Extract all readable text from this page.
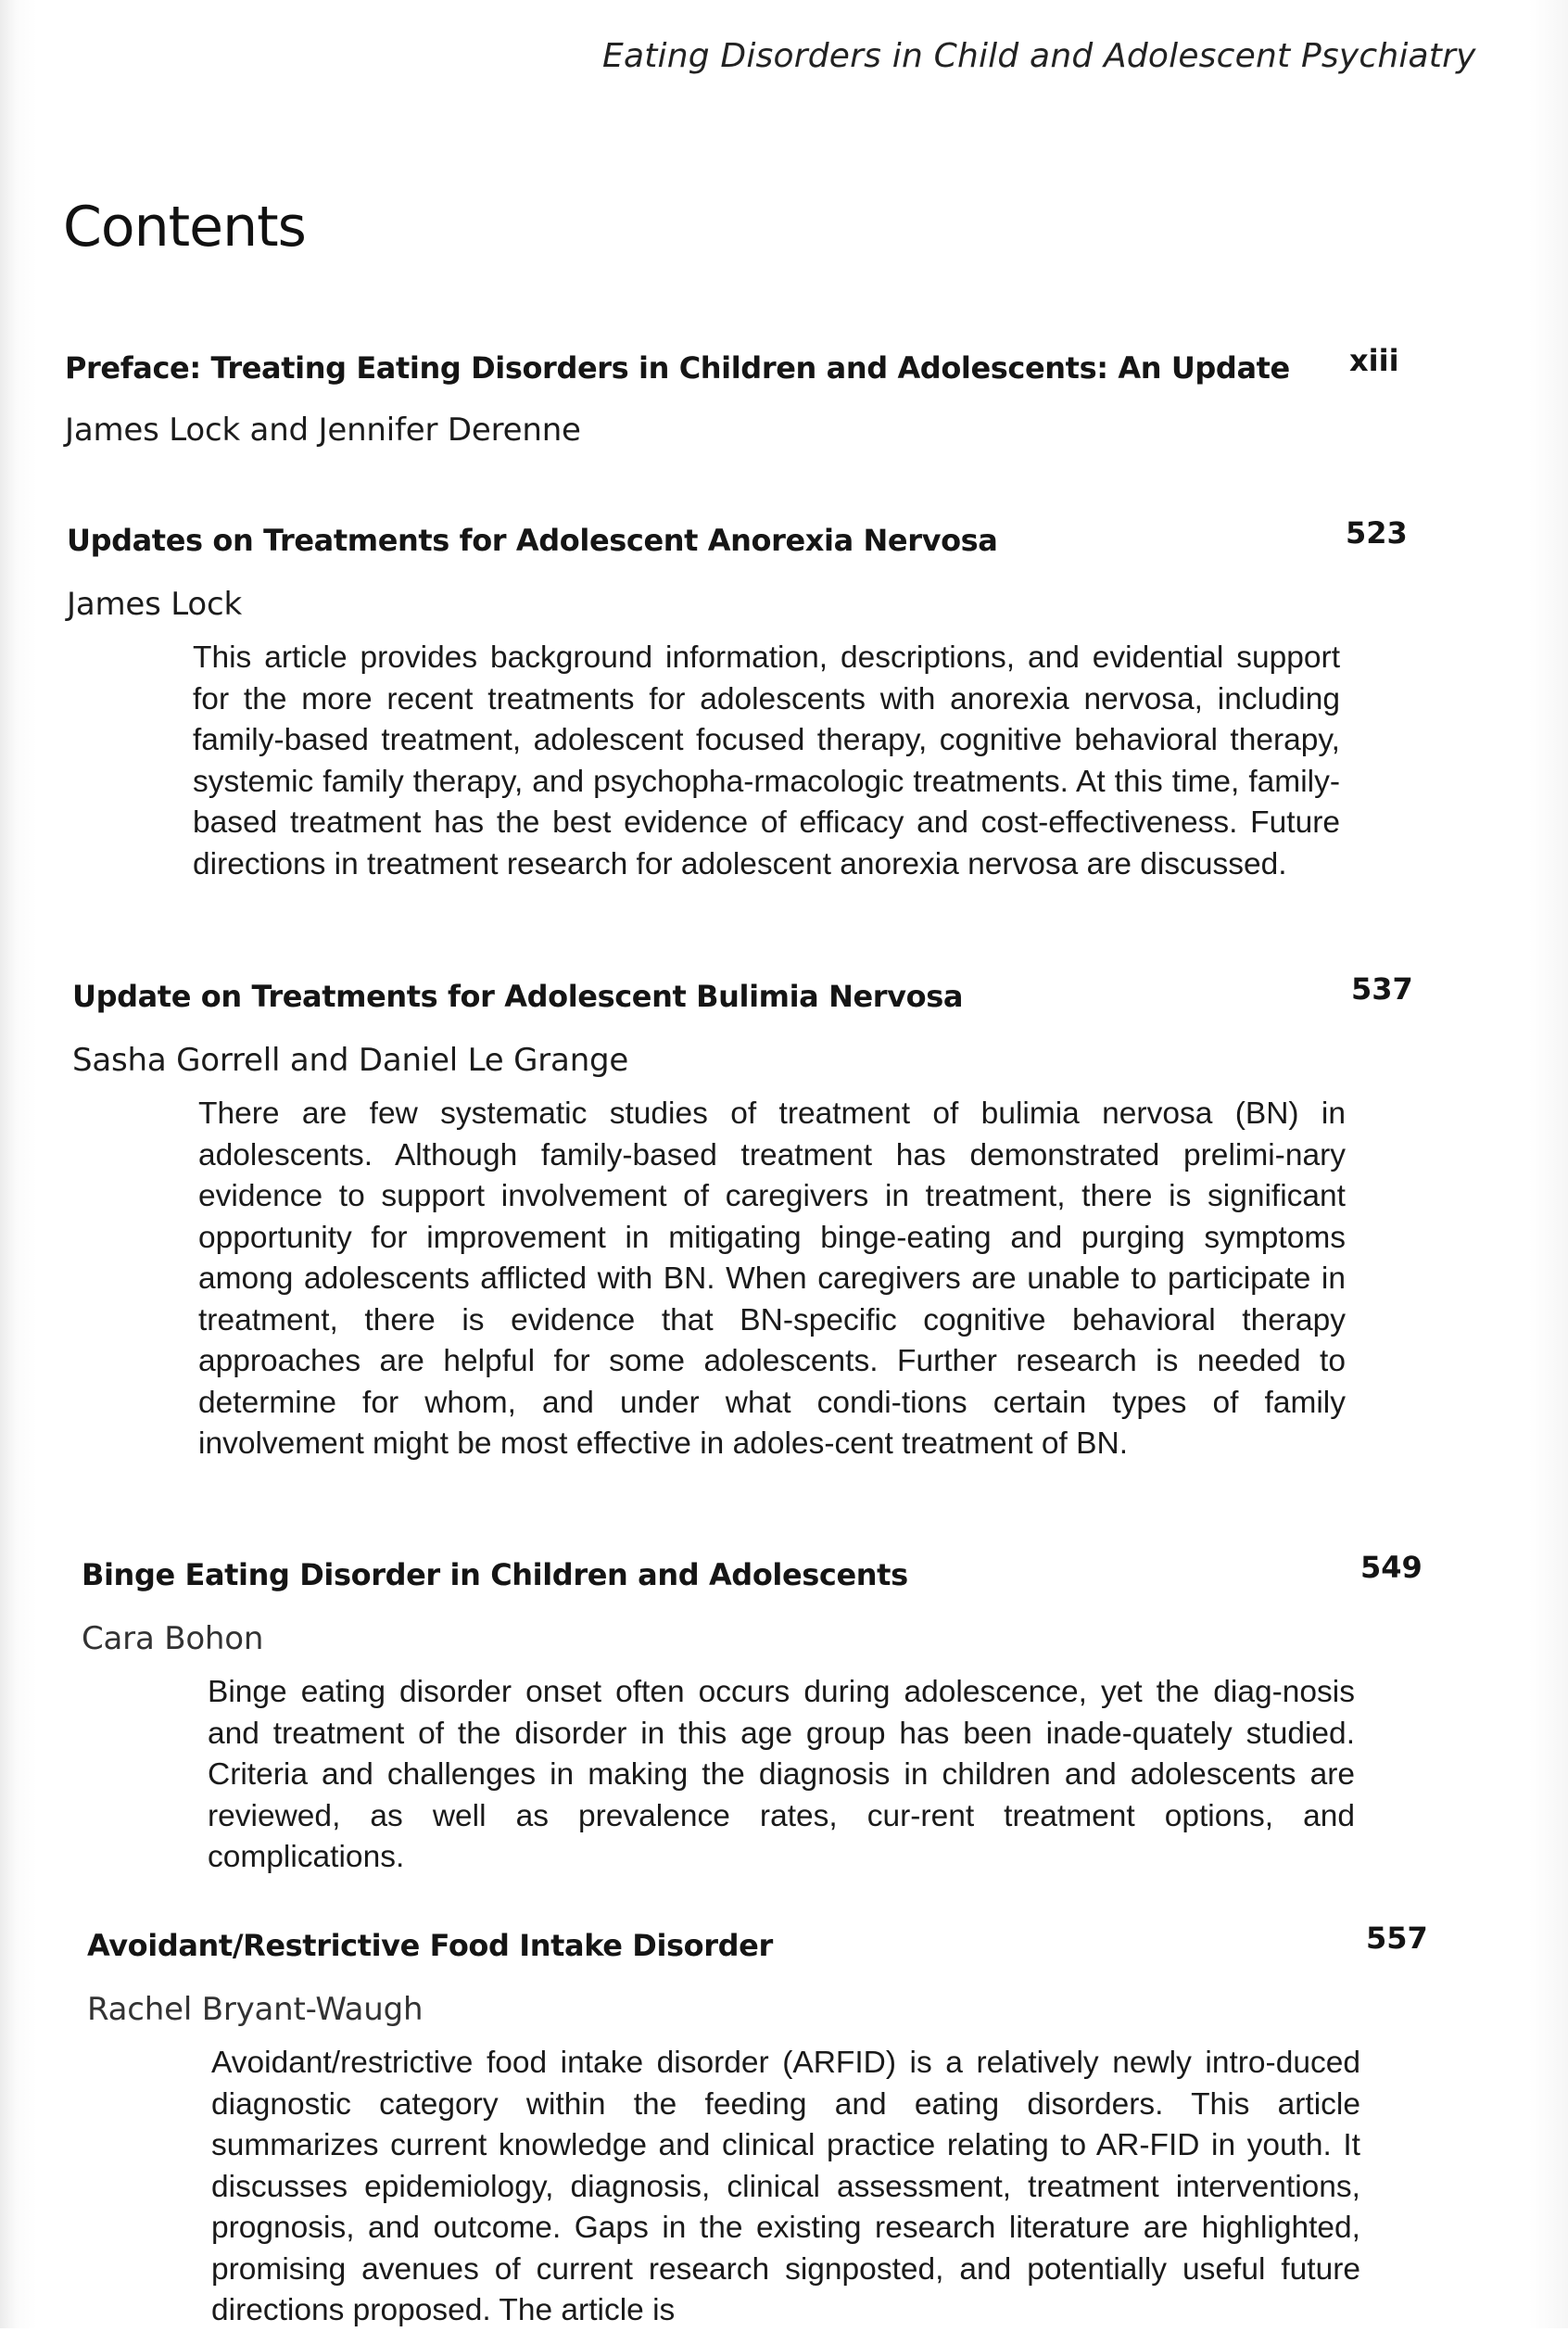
Eating Disorders in Child and Adolescent Psychiatry
Contents
Preface: Treating Eating Disorders in Children and Adolescents: An Update xiii
James Lock and Jennifer Derenne
Updates on Treatments for Adolescent Anorexia Nervosa	523
James Lock

This article provides background information, descriptions, and evidential support for the more recent treatments for adolescents with anorexia nervosa, including family-based treatment, adolescent focused therapy, cognitive behavioral therapy, systemic family therapy, and psychopha-rmacologic treatments. At this time, family-based treatment has the best evidence of efficacy and cost-effectiveness. Future directions in treatment research for adolescent anorexia nervosa are discussed.

Update on Treatments for Adolescent Bulimia Nervosa	537
Sasha Gorrell and Daniel Le Grange

There are few systematic studies of treatment of bulimia nervosa (BN) in adolescents. Although family-based treatment has demonstrated prelimi-nary evidence to support involvement of caregivers in treatment, there is significant opportunity for improvement in mitigating binge-eating and purging symptoms among adolescents afflicted with BN. When caregivers are unable to participate in treatment, there is evidence that BN-specific cognitive behavioral therapy approaches are helpful for some adolescents. Further research is needed to determine for whom, and under what condi-tions certain types of family involvement might be most effective in adoles-cent treatment of BN.

Binge Eating Disorder in Children and Adolescents	549
Cara Bohon

Binge eating disorder onset often occurs during adolescence, yet the diag-nosis and treatment of the disorder in this age group has been inade-quately studied. Criteria and challenges in making the diagnosis in children and adolescents are reviewed, as well as prevalence rates, cur-rent treatment options, and complications.

Avoidant/Restrictive Food Intake Disorder	557
Rachel Bryant-Waugh

Avoidant/restrictive food intake disorder (ARFID) is a relatively newly intro-duced diagnostic category within the feeding and eating disorders. This article summarizes current knowledge and clinical practice relating to AR-FID in youth. It discusses epidemiology, diagnosis, clinical assessment, treatment interventions, prognosis, and outcome. Gaps in the existing research literature are highlighted, promising avenues of current research signposted, and potentially useful future directions proposed. The article is
